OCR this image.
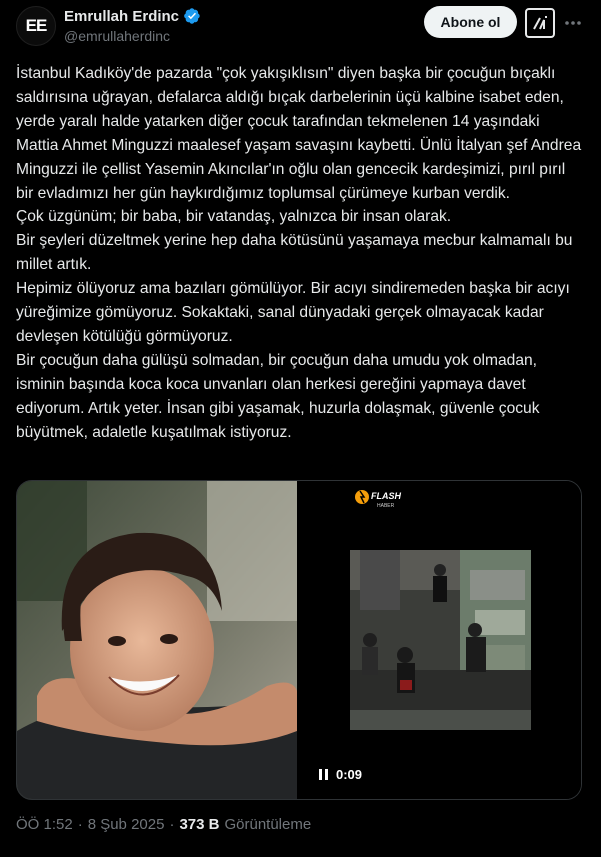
EE	Emrullah Erdinc
@emrullaherdinc
Abone ol

İstanbul Kadıköy'de pazarda "çok yakışıklısın" diyen başka bir çocuğun bıçaklı saldırısına uğrayan, defalarca aldığı bıçak darbelerinin üçü kalbine isabet eden, yerde yaralı halde yatarken diğer çocuk tarafından tekmelenen 14 yaşındaki Mattia Ahmet Minguzzi maalesef yaşam savaşını kaybetti. Ünlü İtalyan şef Andrea Minguzzi ile çellist Yasemin Akıncılar'ın oğlu olan gencecik kardeşimizi, pırıl pırıl bir evladımızı her gün haykırdığımız toplumsal çürümeye kurban verdik.

Çok üzgünüm; bir baba, bir vatandaş, yalnızca bir insan olarak.

Bir şeyleri düzeltmek yerine hep daha kötüsünü yaşamaya mecbur kalmamalı bu millet artık.

Hepimiz ölüyoruz ama bazıları gömülüyor. Bir acıyı sindiremeden başka bir acıyı yüreğimize gömüyoruz. Sokaktaki, sanal dünyadaki gerçek olmayacak kadar devleşen kötülüğü görmüyoruz.

Bir çocuğun daha gülüşü solmadan, bir çocuğun daha umudu yok olmadan, isminin başında koca koca unvanları olan herkesi gereğini yapmaya davet ediyorum. Artık yeter. İnsan gibi yaşamak, huzurla dolaşmak, güvenle çocuk büyütmek, adaletle kuşatılmak istiyoruz.

FLASH
HABER
0:09
ÖÖ 1:52 · 8 Şub 2025 · 373 B Görüntüleme
